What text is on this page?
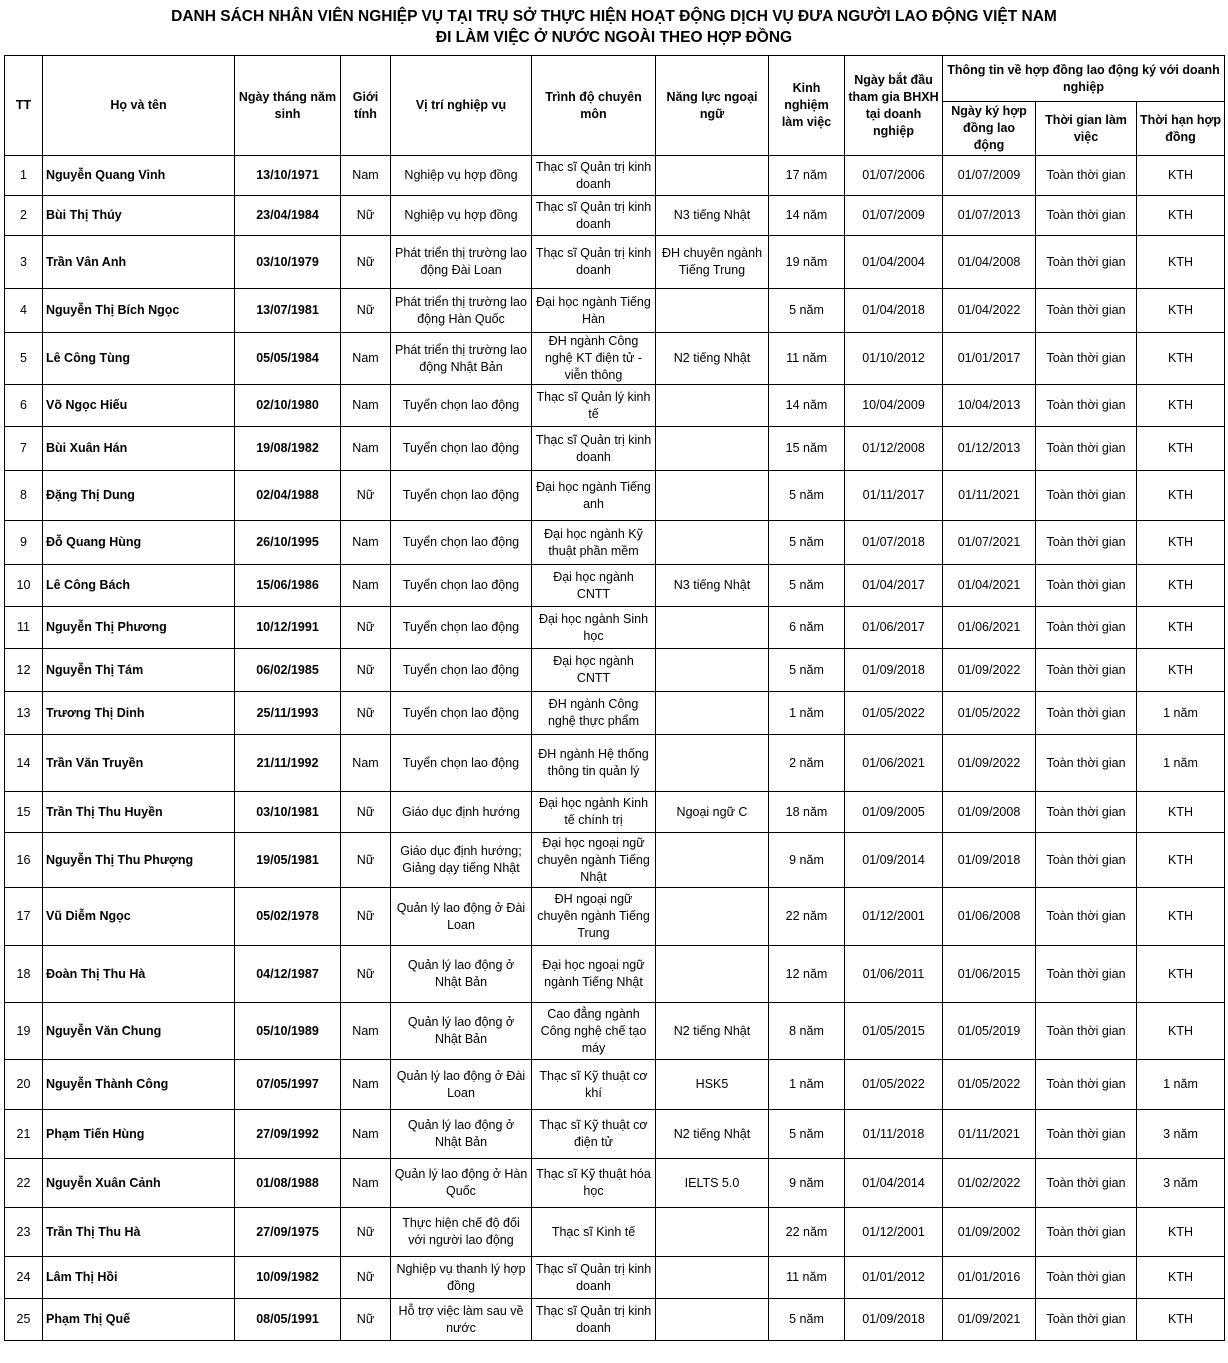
DANH SÁCH NHÂN VIÊN NGHIỆP VỤ TẠI TRỤ SỞ THỰC HIỆN HOẠT ĐỘNG DỊCH VỤ ĐƯA NGƯỜI LAO ĐỘNG VIỆT NAM
ĐI LÀM VIỆC Ở NƯỚC NGOÀI THEO HỢP ĐỒNG
TT	Họ và tên	Ngày tháng năm sinh	Giới tính	Vị trí nghiệp vụ	Trình độ chuyên môn	Năng lực ngoại ngữ	Kinh nghiệm làm việc	Ngày bắt đầu tham gia BHXH tại doanh nghiệp	Thông tin về hợp đồng lao động ký với doanh nghiệp		
									Ngày ký hợp đồng lao động	Thời gian làm việc	Thời hạn hợp đồng
1	Nguyễn Quang Vinh	13/10/1971	Nam	Nghiệp vụ hợp đồng	Thạc sĩ Quản trị kinh doanh		17 năm	01/07/2006	01/07/2009	Toàn thời gian	KTH
2	Bùi Thị Thúy	23/04/1984	Nữ	Nghiệp vụ hợp đồng	Thạc sĩ Quản trị kinh doanh	N3 tiếng Nhật	14 năm	01/07/2009	01/07/2013	Toàn thời gian	KTH
3	Trần Vân Anh	03/10/1979	Nữ	Phát triển thị trường lao động Đài Loan	Thạc sĩ Quản trị kinh doanh	ĐH chuyên ngành Tiếng Trung	19 năm	01/04/2004	01/04/2008	Toàn thời gian	KTH
4	Nguyễn Thị Bích Ngọc	13/07/1981	Nữ	Phát triển thị trường lao động Hàn Quốc	Đại học ngành Tiếng Hàn		5 năm	01/04/2018	01/04/2022	Toàn thời gian	KTH
5	Lê Công Tùng	05/05/1984	Nam	Phát triển thị trường lao động Nhật Bản	ĐH ngành Công nghệ KT điện tử - viễn thông	N2 tiếng Nhật	11 năm	01/10/2012	01/01/2017	Toàn thời gian	KTH
6	Võ Ngọc Hiếu	02/10/1980	Nam	Tuyển chọn lao động	Thạc sĩ Quản lý kinh tế		14 năm	10/04/2009	10/04/2013	Toàn thời gian	KTH
7	Bùi Xuân Hán	19/08/1982	Nam	Tuyển chọn lao động	Thạc sĩ Quản trị kinh doanh		15 năm	01/12/2008	01/12/2013	Toàn thời gian	KTH
8	Đặng Thị Dung	02/04/1988	Nữ	Tuyển chọn lao động	Đại học ngành Tiếng anh		5 năm	01/11/2017	01/11/2021	Toàn thời gian	KTH
9	Đỗ Quang Hùng	26/10/1995	Nam	Tuyển chọn lao động	Đại học ngành Kỹ thuật phần mềm		5 năm	01/07/2018	01/07/2021	Toàn thời gian	KTH
10	Lê Công Bách	15/06/1986	Nam	Tuyển chọn lao động	Đại học ngành CNTT	N3 tiếng Nhật	5 năm	01/04/2017	01/04/2021	Toàn thời gian	KTH
11	Nguyễn Thị Phương	10/12/1991	Nữ	Tuyển chọn lao động	Đại học ngành Sinh học		6 năm	01/06/2017	01/06/2021	Toàn thời gian	KTH
12	Nguyễn Thị Tám	06/02/1985	Nữ	Tuyển chọn lao động	Đại học ngành CNTT		5 năm	01/09/2018	01/09/2022	Toàn thời gian	KTH
13	Trương Thị Dinh	25/11/1993	Nữ	Tuyển chọn lao động	ĐH ngành Công nghệ thực phẩm		1 năm	01/05/2022	01/05/2022	Toàn thời gian	1 năm
14	Trần Văn Truyền	21/11/1992	Nam	Tuyển chọn lao động	ĐH ngành Hệ thống thông tin quản lý		2 năm	01/06/2021	01/09/2022	Toàn thời gian	1 năm
15	Trần Thị Thu Huyền	03/10/1981	Nữ	Giáo dục định hướng	Đại học ngành Kinh tế chính trị	Ngoại ngữ C	18 năm	01/09/2005	01/09/2008	Toàn thời gian	KTH
16	Nguyễn Thị Thu Phượng	19/05/1981	Nữ	Giáo dục định hướng; Giảng dạy tiếng Nhật	Đại học ngoại ngữ chuyên ngành Tiếng Nhật		9 năm	01/09/2014	01/09/2018	Toàn thời gian	KTH
17	Vũ Diễm Ngọc	05/02/1978	Nữ	Quản lý lao động ở Đài Loan	ĐH ngoại ngữ chuyên ngành Tiếng Trung		22 năm	01/12/2001	01/06/2008	Toàn thời gian	KTH
18	Đoàn Thị Thu Hà	04/12/1987	Nữ	Quản lý lao động ở Nhật Bản	Đại học ngoại ngữ ngành Tiếng Nhật		12 năm	01/06/2011	01/06/2015	Toàn thời gian	KTH
19	Nguyễn Văn Chung	05/10/1989	Nam	Quản lý lao động ở Nhật Bản	Cao đẳng ngành Công nghệ chế tạo máy	N2 tiếng Nhật	8 năm	01/05/2015	01/05/2019	Toàn thời gian	KTH
20	Nguyễn Thành Công	07/05/1997	Nam	Quản lý lao động ở Đài Loan	Thạc sĩ Kỹ thuật cơ khí	HSK5	1 năm	01/05/2022	01/05/2022	Toàn thời gian	1 năm
21	Phạm Tiến Hùng	27/09/1992	Nam	Quản lý lao động ở Nhật Bản	Thạc sĩ Kỹ thuật cơ điện tử	N2 tiếng Nhật	5 năm	01/11/2018	01/11/2021	Toàn thời gian	3 năm
22	Nguyễn Xuân Cảnh	01/08/1988	Nam	Quản lý lao động ở Hàn Quốc	Thạc sĩ Kỹ thuật hóa học	IELTS 5.0	9 năm	01/04/2014	01/02/2022	Toàn thời gian	3 năm
23	Trần Thị Thu Hà	27/09/1975	Nữ	Thực hiện chế độ đối với người lao động	Thạc sĩ Kinh tế		22 năm	01/12/2001	01/09/2002	Toàn thời gian	KTH
24	Lâm Thị Hồi	10/09/1982	Nữ	Nghiệp vụ thanh lý hợp đồng	Thạc sĩ Quản trị kinh doanh		11 năm	01/01/2012	01/01/2016	Toàn thời gian	KTH
25	Phạm Thị Quế	08/05/1991	Nữ	Hỗ trợ việc làm sau về nước	Thạc sĩ Quản trị kinh doanh		5 năm	01/09/2018	01/09/2021	Toàn thời gian	KTH
